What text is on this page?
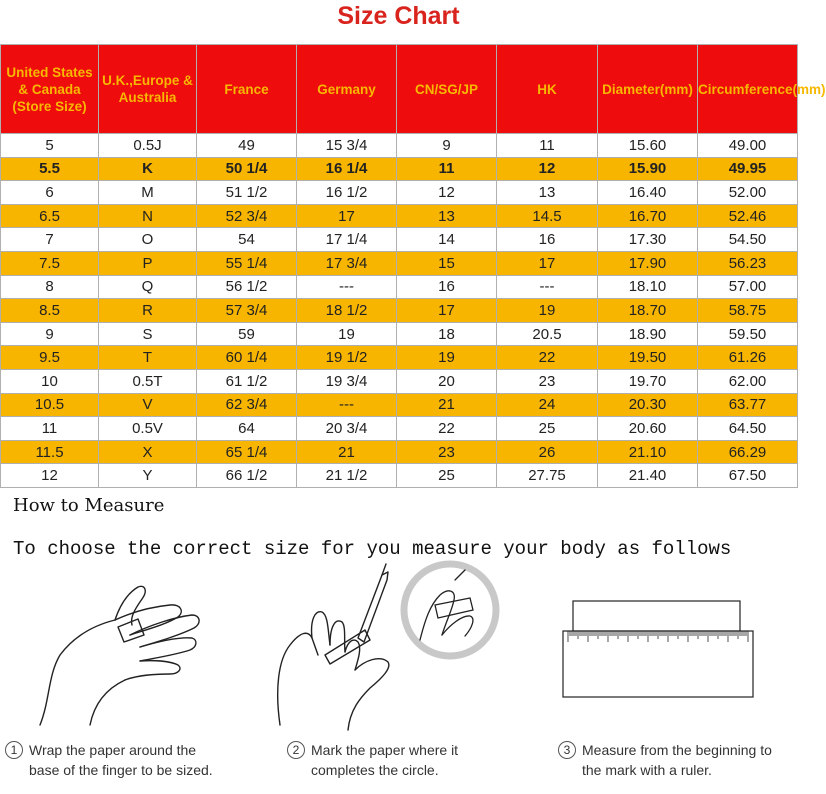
Size Chart
United States & Canada (Store Size)	U.K.,Europe & Australia	France	Germany	CN/SG/JP	HK	Diameter(mm)	Circumference(mm)
5	0.5J	49	15 3/4	9	11	15.60	49.00
5.5	K	50 1/4	16 1/4	11	12	15.90	49.95
6	M	51 1/2	16 1/2	12	13	16.40	52.00
6.5	N	52 3/4	17	13	14.5	16.70	52.46
7	O	54	17 1/4	14	16	17.30	54.50
7.5	P	55 1/4	17 3/4	15	17	17.90	56.23
8	Q	56 1/2	---	16	---	18.10	57.00
8.5	R	57 3/4	18 1/2	17	19	18.70	58.75
9	S	59	19	18	20.5	18.90	59.50
9.5	T	60 1/4	19 1/2	19	22	19.50	61.26
10	0.5T	61 1/2	19 3/4	20	23	19.70	62.00
10.5	V	62 3/4	---	21	24	20.30	63.77
11	0.5V	64	20 3/4	22	25	20.60	64.50
11.5	X	65 1/4	21	23	26	21.10	66.29
12	Y	66 1/2	21 1/2	25	27.75	21.40	67.50
How to Measure
To choose the correct size for you measure your body as follows
1 Wrap the paper around the
base of the finger to be sized.
2 Mark the paper where it
completes the circle.
3 Measure from the beginning to
the mark with a ruler.
